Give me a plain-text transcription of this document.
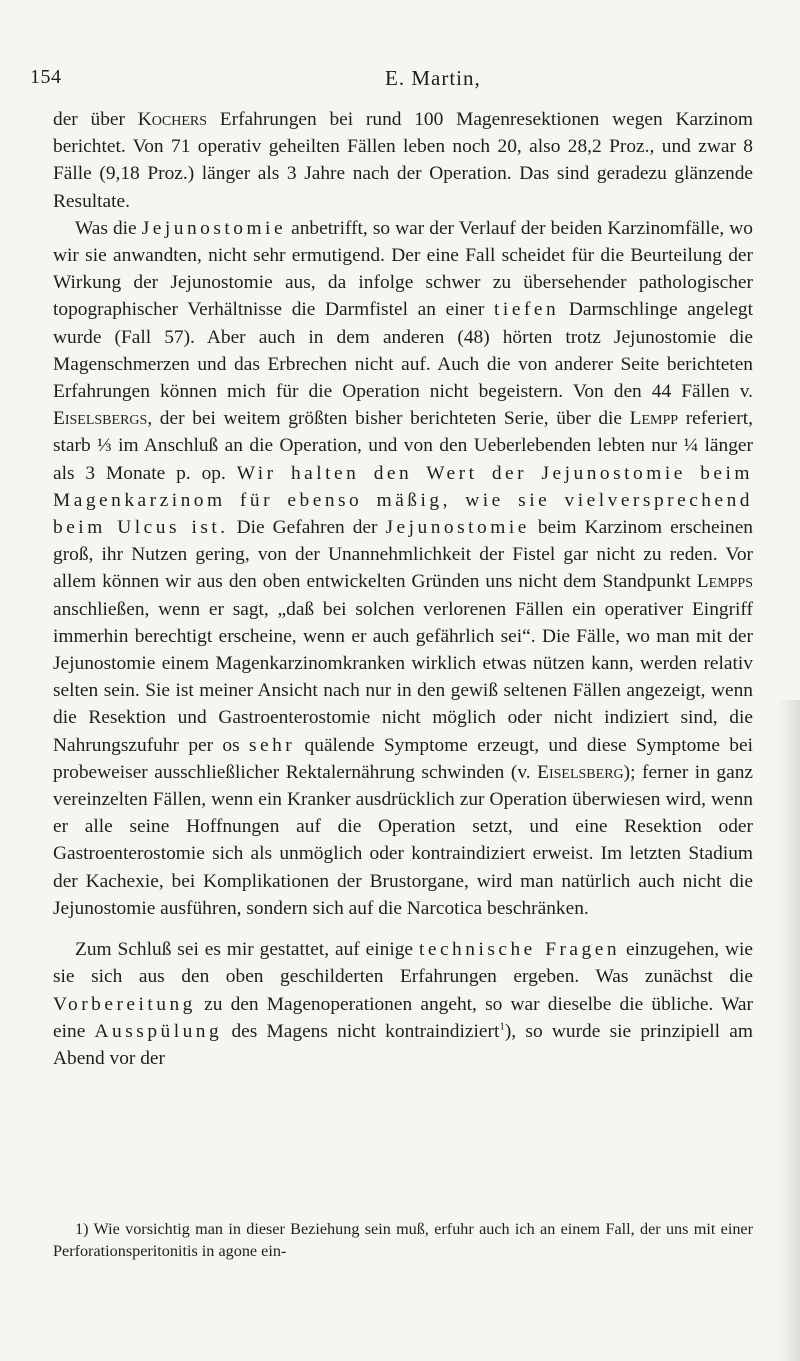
154	E. Martin,

der über Kochers Erfahrungen bei rund 100 Magenresektionen wegen Karzinom berichtet. Von 71 operativ geheilten Fällen leben noch 20, also 28,2 Proz., und zwar 8 Fälle (9,18 Proz.) länger als 3 Jahre nach der Operation. Das sind geradezu glänzende Resultate.

Was die Jejunostomie anbetrifft, so war der Verlauf der beiden Karzinomfälle, wo wir sie anwandten, nicht sehr ermutigend. Der eine Fall scheidet für die Beurteilung der Wirkung der Jejunostomie aus, da infolge schwer zu übersehender pathologischer topographischer Verhältnisse die Darmfistel an einer tiefen Darmschlinge angelegt wurde (Fall 57). Aber auch in dem anderen (48) hörten trotz Jejunostomie die Magenschmerzen und das Erbrechen nicht auf. Auch die von anderer Seite berichteten Erfahrungen können mich für die Operation nicht begeistern. Von den 44 Fällen v. Eiselsbergs, der bei weitem größten bisher berichteten Serie, über die Lempp referiert, starb ⅓ im Anschluß an die Operation, und von den Ueberlebenden lebten nur ¼ länger als 3 Monate p. op. Wir halten den Wert der Jejunostomie beim Magenkarzinom für ebenso mäßig, wie sie vielversprechend beim Ulcus ist. Die Gefahren der Jejunostomie beim Karzinom erscheinen groß, ihr Nutzen gering, von der Unannehmlichkeit der Fistel gar nicht zu reden. Vor allem können wir aus den oben entwickelten Gründen uns nicht dem Standpunkt Lempps anschließen, wenn er sagt, „daß bei solchen verlorenen Fällen ein operativer Eingriff immerhin berechtigt erscheine, wenn er auch gefährlich sei“. Die Fälle, wo man mit der Jejunostomie einem Magenkarzinomkranken wirklich etwas nützen kann, werden relativ selten sein. Sie ist meiner Ansicht nach nur in den gewiß seltenen Fällen angezeigt, wenn die Resektion und Gastroenterostomie nicht möglich oder nicht indiziert sind, die Nahrungszufuhr per os sehr quälende Symptome erzeugt, und diese Symptome bei probeweiser ausschließlicher Rektalernährung schwinden (v. Eiselsberg); ferner in ganz vereinzelten Fällen, wenn ein Kranker ausdrücklich zur Operation überwiesen wird, wenn er alle seine Hoffnungen auf die Operation setzt, und eine Resektion oder Gastroenterostomie sich als unmöglich oder kontraindiziert erweist. Im letzten Stadium der Kachexie, bei Komplikationen der Brustorgane, wird man natürlich auch nicht die Jejunostomie ausführen, sondern sich auf die Narcotica beschränken.

Zum Schluß sei es mir gestattet, auf einige technische Fragen einzugehen, wie sie sich aus den oben geschilderten Erfahrungen ergeben. Was zunächst die Vorbereitung zu den Magenoperationen angeht, so war dieselbe die übliche. War eine Ausspülung des Magens nicht kontraindiziert$^1$), so wurde sie prinzipiell am Abend vor der

1) Wie vorsichtig man in dieser Beziehung sein muß, erfuhr auch ich an einem Fall, der uns mit einer Perforationsperitonitis in agone ein-
